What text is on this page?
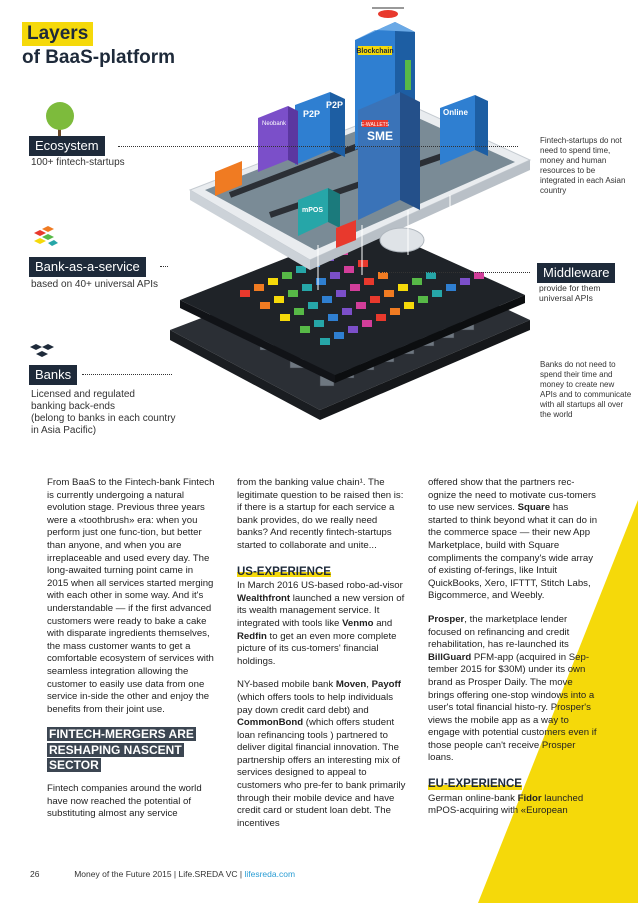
Layers
of BaaS-platform	Blockchain
SME
E-WALLETS
P2P
P2P
Neobank
Online
mPOS
Ecosystem
100+ fintech-startups
Fintech-startups do not need to spend time, money and human resources to be integrated in each Asian country
Bank-as-a-service
based on 40+ universal APIs
Middleware
provide for them universal APIs
Banks
Licensed and regulated
banking back-ends
(belong to banks in each country
in Asia Pacific)
Banks do not need to spend their time and money to create new APIs and to communicate with all startups all over the world

From BaaS to the Fintech-bank Fintech is currently undergoing a natural evolution stage. Previous three years were a «toothbrush» era: when you perform just one func-tion, but better than anyone, and when you are irreplaceable and used every day. The long-awaited turning point came in 2015 when all services started merging with each other in some way. And it's understandable — if the first advanced customers were ready to bake a cake with disparate ingredients themselves, the mass customer wants to get a comfortable ecosystem of services with seamless integration allowing the customer to easily use data from one service in-side the other and enjoy the benefits from their joint use.

FINTECH-MERGERS ARE RESHAPING NASCENT SECTOR

Fintech companies around the world have now reached the potential of substituting almost any service

from the banking value chain¹. The legitimate question to be raised then is: if there is a startup for each service a bank provides, do we really need banks? And recently fintech-startups started to collaborate and unite...

US-EXPERIENCE

In March 2016 US-based robo-ad-visor Wealthfront launched a new version of its wealth management service. It integrated with tools like Venmo and Redfin to get an even more complete picture of its cus-tomers' financial holdings.

NY-based mobile bank Moven, Payoff (which offers tools to help individuals pay down credit card debt) and CommonBond (which offers student loan refinancing tools ) partnered to deliver digital financial innovation. The partnership offers an interesting mix of services designed to appeal to customers who pre-fer to bank primarily through their mobile device and have credit card or student loan debt. The incentives

offered show that the partners rec-ognize the need to motivate cus-tomers to use new services. Square has started to think beyond what it can do in the commerce space — their new App Marketplace, build with Square compliments the company's wide array of existing of-ferings, like Intuit QuickBooks, Xero, IFTTT, Stitch Labs, Bigcommerce, and Weebly.

Prosper, the marketplace lender focused on refinancing and credit rehabilitation, has re-launched its BillGuard PFM-app (acquired in Sep-tember 2015 for $30M) under its own brand as Prosper Daily. The move brings offering one-stop windows into a user's total financial histo-ry. Prosper's views the mobile app as a way to engage with potential customers even if those people can't receive Prosper loans.

EU-EXPERIENCE

German online-bank Fidor launched mPOS-acquiring with «European

26	Money of the Future 2015 | Life.SREDA VC | lifesreda.com
